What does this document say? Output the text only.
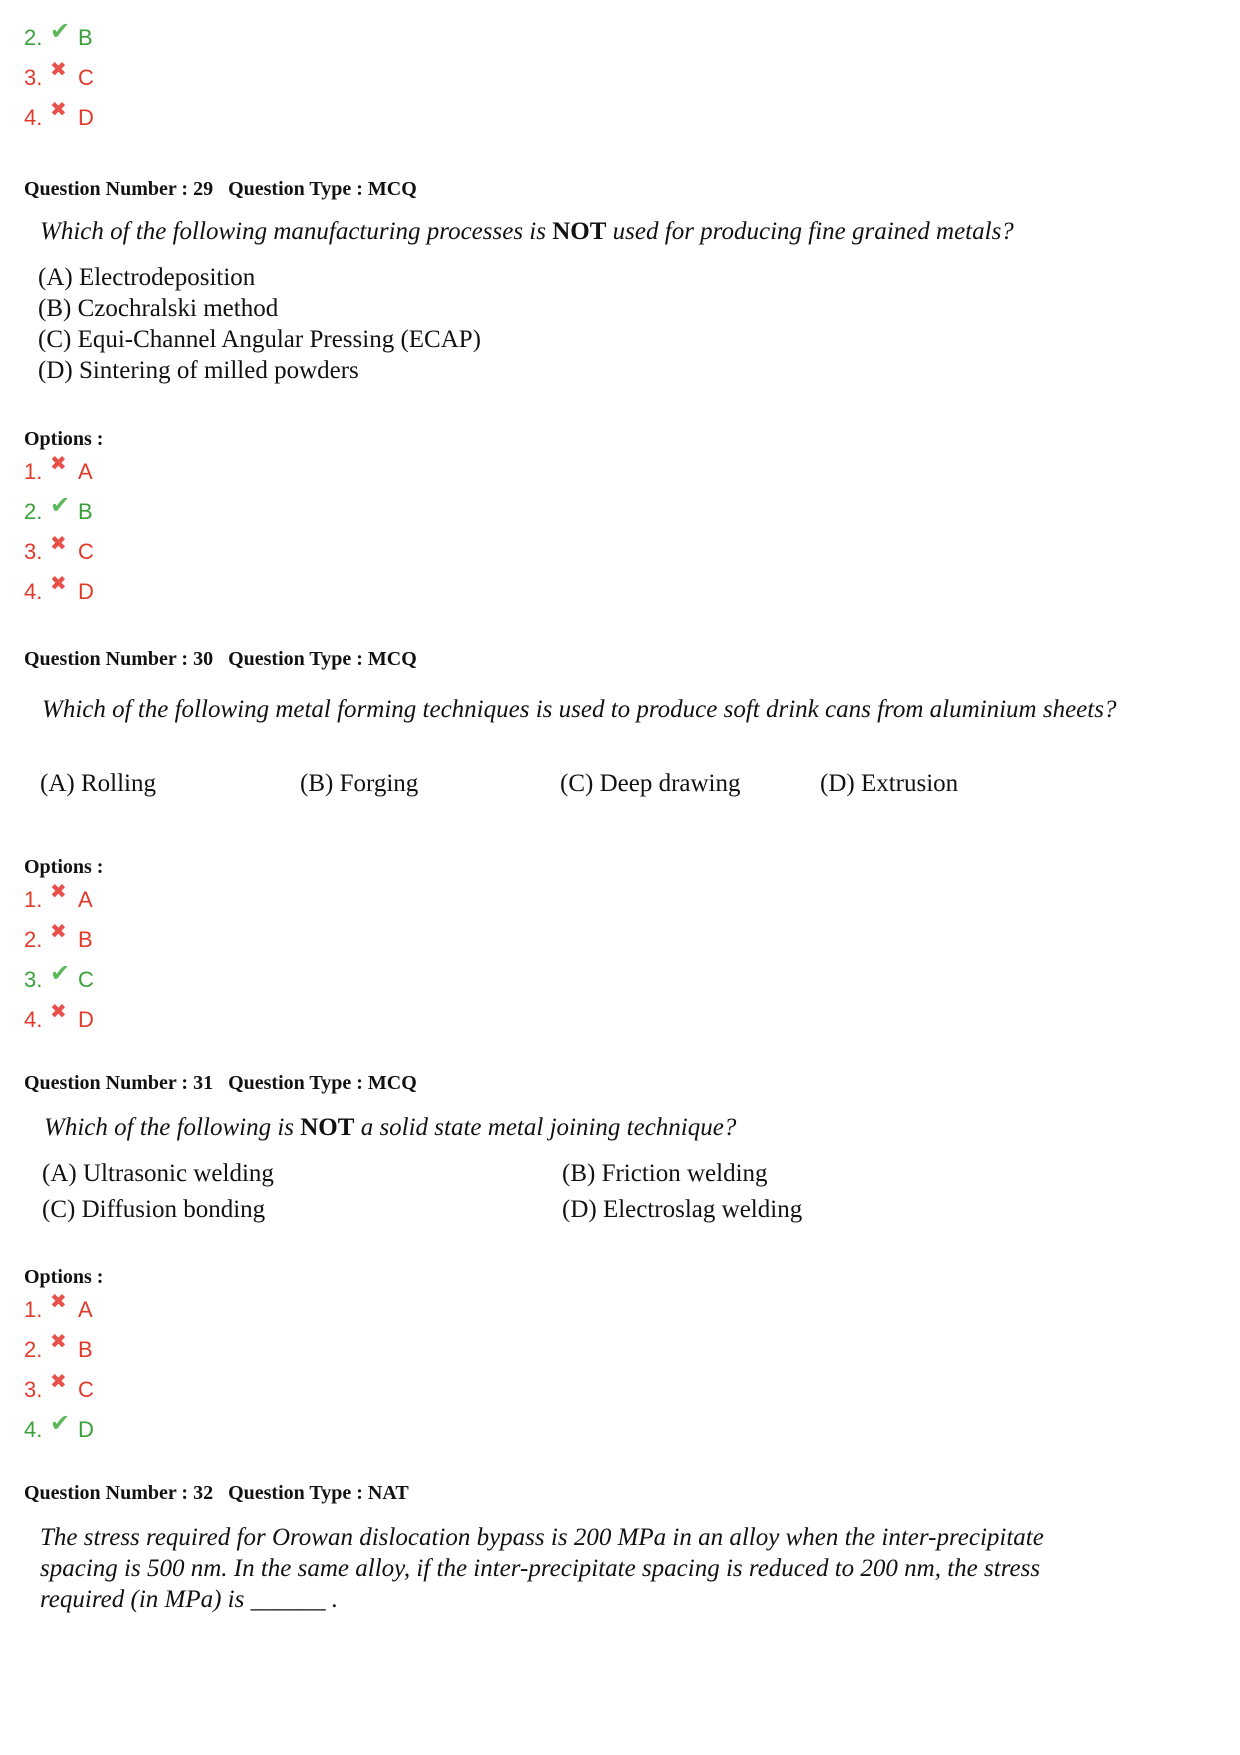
2. ✔ B
3. ✖ C
4. ✖ D
Question Number : 29 Question Type : MCQ
Which of the following manufacturing processes is NOT used for producing fine grained metals?
(A) Electrodeposition
(B) Czochralski method
(C) Equi-Channel Angular Pressing (ECAP)
(D) Sintering of milled powders
Options :
1. ✖ A
2. ✔ B
3. ✖ C
4. ✖ D
Question Number : 30 Question Type : MCQ
Which of the following metal forming techniques is used to produce soft drink cans from aluminium sheets?
(A) Rolling	(B) Forging	(C) Deep drawing	(D) Extrusion
Options :
1. ✖ A
2. ✖ B
3. ✔ C
4. ✖ D
Question Number : 31 Question Type : MCQ
Which of the following is NOT a solid state metal joining technique?
(A) Ultrasonic welding	(B) Friction welding
(C) Diffusion bonding	(D) Electroslag welding
Options :
1. ✖ A
2. ✖ B
3. ✖ C
4. ✔ D
Question Number : 32 Question Type : NAT
The stress required for Orowan dislocation bypass is 200 MPa in an alloy when the inter-precipitate spacing is 500 nm. In the same alloy, if the inter-precipitate spacing is reduced to 200 nm, the stress required (in MPa) is ______ .
